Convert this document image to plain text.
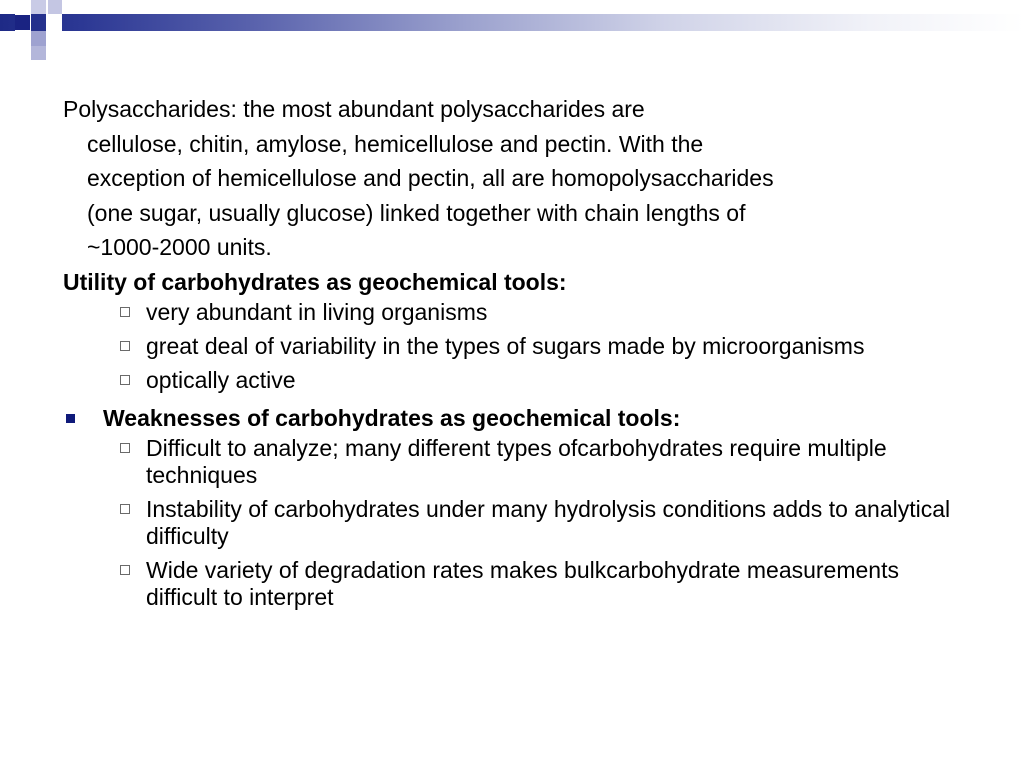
Polysaccharides: the most abundant polysaccharides are
cellulose, chitin, amylose, hemicellulose and pectin. With the
exception of hemicellulose and pectin, all are homopolysaccharides
(one sugar, usually glucose) linked together with chain lengths of
~1000-2000 units.

Utility of carbohydrates as geochemical tools:

very abundant in living organisms
great deal of variability in the types of sugars made by microorganisms
optically active

Weaknesses of carbohydrates as geochemical tools:

Difficult to analyze; many different types ofcarbohydrates require multiple techniques
Instability of carbohydrates under many hydrolysis conditions adds to analytical difficulty
Wide variety of degradation rates makes bulkcarbohydrate measurements difficult to interpret
